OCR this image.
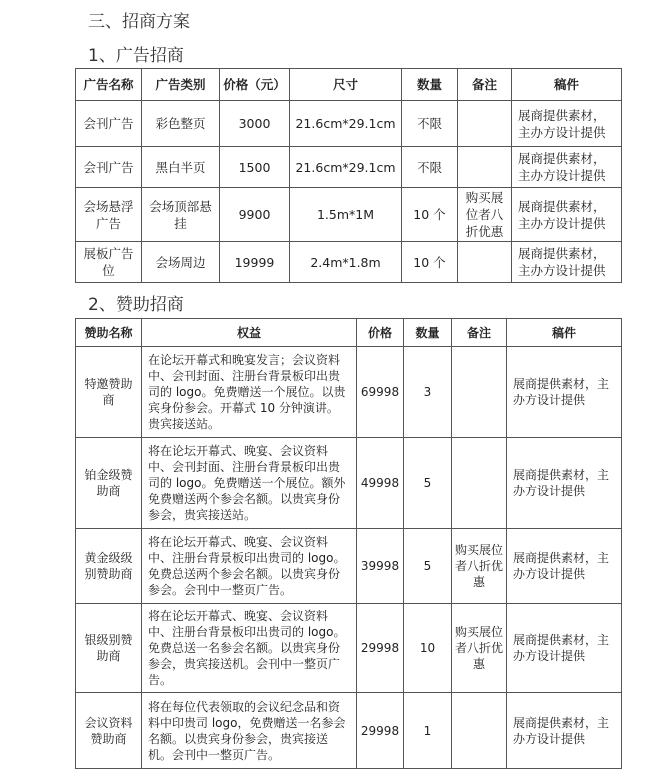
三、招商方案
1、广告招商
广告名称	广告类别	价格（元）	尺寸	数量	备注	稿件
会刊广告	彩色整页	3000	21.6cm*29.1cm	不限		展商提供素材，主办方设计提供
会刊广告	黑白半页	1500	21.6cm*29.1cm	不限		展商提供素材，主办方设计提供
会场悬浮广告	会场顶部悬挂	9900	1.5m*1M	10 个	购买展位者八折优惠	展商提供素材，主办方设计提供
展板广告位	会场周边	19999	2.4m*1.8m	10 个		展商提供素材，主办方设计提供
2、赞助招商
赞助名称	权益	价格	数量	备注	稿件
特邀赞助商	在论坛开幕式和晚宴发言；会议资料中、会刊封面、注册台背景板印出贵司的 logo。免费赠送一个展位。以贵宾身份参会。开幕式 10 分钟演讲。贵宾接送站。	69998	3		展商提供素材，主办方设计提供
铂金级赞助商	将在论坛开幕式、晚宴、会议资料中、会刊封面、注册台背景板印出贵司的 logo。免费赠送一个展位。额外免费赠送两个参会名额。以贵宾身份参会，贵宾接送站。	49998	5		展商提供素材，主办方设计提供
黄金级级别赞助商	将在论坛开幕式、晚宴、会议资料中、注册台背景板印出贵司的 logo。免费总送两个参会名额。以贵宾身份参会。会刊中一整页广告。	39998	5	购买展位者八折优惠	展商提供素材，主办方设计提供
银级别赞助商	将在论坛开幕式、晚宴、会议资料中、注册台背景板印出贵司的 logo。免费总送一名参会名额。以贵宾身份参会，贵宾接送机。会刊中一整页广告。	29998	10	购买展位者八折优惠	展商提供素材，主办方设计提供
会议资料赞助商	将在每位代表领取的会议纪念品和资料中印贵司 logo，免费赠送一名参会名额。以贵宾身份参会，贵宾接送机。会刊中一整页广告。	29998	1		展商提供素材，主办方设计提供
